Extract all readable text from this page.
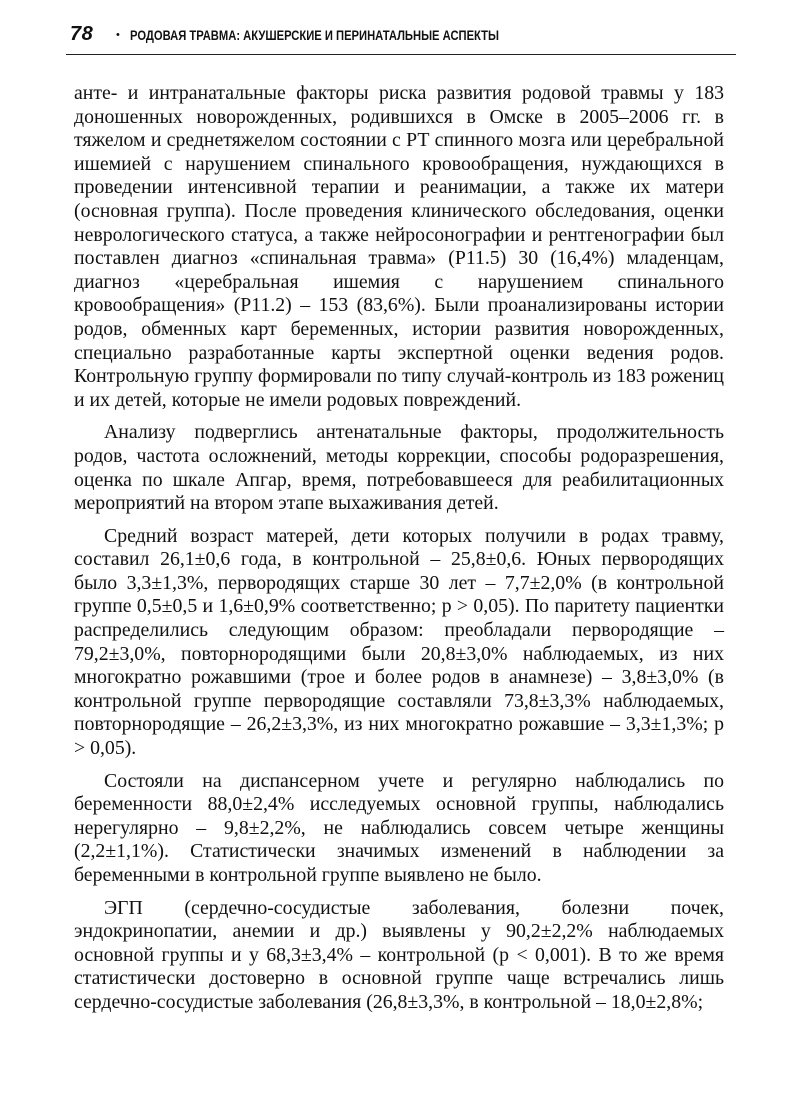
78 • РОДОВАЯ ТРАВМА: АКУШЕРСКИЕ И ПЕРИНАТАЛЬНЫЕ АСПЕКТЫ

анте- и интранатальные факторы риска развития родовой травмы у 183 доношенных новорожденных, родившихся в Омске в 2005–2006 гг. в тяжелом и среднетяжелом состоянии с РТ спинного мозга или церебральной ишемией с нарушением спинального кровообращения, нуждающихся в проведении интенсивной терапии и реанимации, а также их матери (основная группа). После проведения клинического обследования, оценки неврологического статуса, а также нейросонографии и рентгенографии был поставлен диагноз «спинальная травма» (P11.5) 30 (16,4%) младенцам, диагноз «церебральная ишемия с нарушением спинального кровообращения» (P11.2) – 153 (83,6%). Были проанализированы истории родов, обменных карт беременных, истории развития новорожденных, специально разработанные карты экспертной оценки ведения родов. Контрольную группу формировали по типу случай-контроль из 183 рожениц и их детей, которые не имели родовых повреждений.

Анализу подверглись антенатальные факторы, продолжительность родов, частота осложнений, методы коррекции, способы родоразрешения, оценка по шкале Апгар, время, потребовавшееся для реабилитационных мероприятий на втором этапе выхаживания детей.

Средний возраст матерей, дети которых получили в родах травму, составил 26,1±0,6 года, в контрольной – 25,8±0,6. Юных первородящих было 3,3±1,3%, первородящих старше 30 лет – 7,7±2,0% (в контрольной группе 0,5±0,5 и 1,6±0,9% соответственно; p > 0,05). По паритету пациентки распределились следующим образом: преобладали первородящие – 79,2±3,0%, повторнородящими были 20,8±3,0% наблюдаемых, из них многократно рожавшими (трое и более родов в анамнезе) – 3,8±3,0% (в контрольной группе первородящие составляли 73,8±3,3% наблюдаемых, повторнородящие – 26,2±3,3%, из них многократно рожавшие – 3,3±1,3%; p > 0,05).

Состояли на диспансерном учете и регулярно наблюдались по беременности 88,0±2,4% исследуемых основной группы, наблюдались нерегулярно – 9,8±2,2%, не наблюдались совсем четыре женщины (2,2±1,1%). Статистически значимых изменений в наблюдении за беременными в контрольной группе выявлено не было.

ЭГП (сердечно-сосудистые заболевания, болезни почек, эндокринопатии, анемии и др.) выявлены у 90,2±2,2% наблюдаемых основной группы и у 68,3±3,4% – контрольной (p < 0,001). В то же время статистически достоверно в основной группе чаще встречались лишь сердечно-сосудистые заболевания (26,8±3,3%, в контрольной – 18,0±2,8%;
